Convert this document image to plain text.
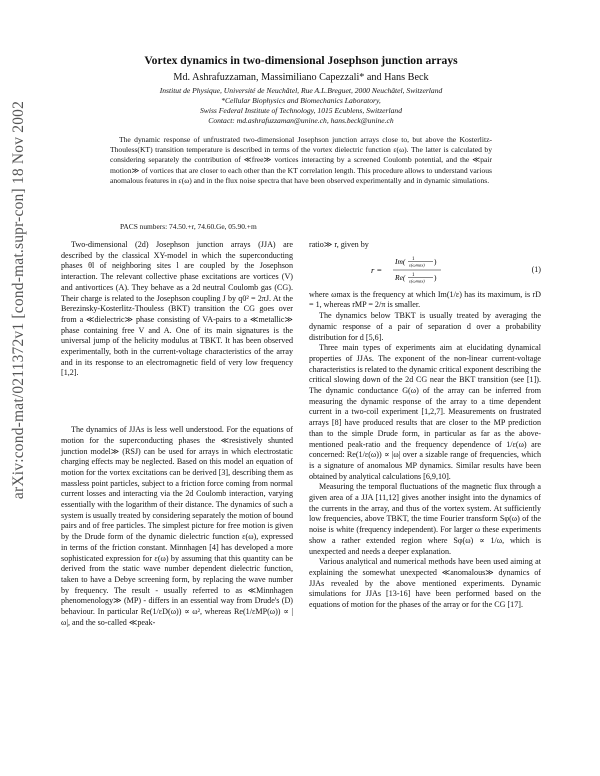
arXiv:cond-mat/0211372v1 [cond-mat.supr-con] 18 Nov 2002
Vortex dynamics in two-dimensional Josephson junction arrays
Md. Ashrafuzzaman, Massimiliano Capezzali* and Hans Beck
Institut de Physique, Université de Neuchâtel, Rue A.L.Breguet, 2000 Neuchâtel, Switzerland
*Cellular Biophysics and Biomechanics Laboratory,
Swiss Federal Institute of Technology, 1015 Ecublens, Switzerland
Contact: md.ashrafuzzaman@unine.ch, hans.beck@unine.ch
The dynamic response of unfrustrated two-dimensional Josephson junction arrays close to, but above the Kosterlitz-Thouless(KT) transition temperature is described in terms of the vortex dielectric function ε(ω). The latter is calculated by considering separately the contribution of ≪free≫ vortices interacting by a screened Coulomb potential, and the ≪pair motion≫ of vortices that are closer to each other than the KT correlation length. This procedure allows to understand various anomalous features in ε(ω) and in the flux noise spectra that have been observed experimentally and in dynamic simulations.
PACS numbers: 74.50.+r, 74.60.Ge, 05.90.+m

Two-dimensional (2d) Josephson junction arrays (JJA) are described by the classical XY-model in which the superconducting phases θl of neighboring sites l are coupled by the Josephson interaction. The relevant collective phase excitations are vortices (V) and antivortices (A). They behave as a 2d neutral Coulomb gas (CG). Their charge is related to the Josephson coupling J by q0² = 2πJ. At the Berezinsky-Kosterlitz-Thouless (BKT) transition the CG goes over from a ≪dielectric≫ phase consisting of VA-pairs to a ≪metallic≫ phase containing free V and A. One of its main signatures is the universal jump of the helicity modulus at TBKT. It has been observed experimentally, both in the current-voltage characteristics of the array and in its response to an electromagnetic field of very low frequency [1,2].

The dynamics of JJAs is less well understood. For the equations of motion for the superconducting phases the ≪resistively shunted junction model≫ (RSJ) can be used for arrays in which electrostatic charging effects may be neglected. Based on this model an equation of motion for the vortex excitations can be derived [3], describing them as massless point particles, subject to a friction force coming from normal current losses and interacting via the 2d Coulomb interaction, varying essentially with the logarithm of their distance. The dynamics of such a system is usually treated by considering separately the motion of bound pairs and of free particles. The simplest picture for free motion is given by the Drude form of the dynamic dielectric function ε(ω), expressed in terms of the friction constant. Minnhagen [4] has developed a more sophisticated expression for ε(ω) by assuming that this quantity can be derived from the static wave number dependent dielectric function, taken to have a Debye screening form, by replacing the wave number by frequency. The result - usually referred to as ≪Minnhagen phenomenology≫ (MP) - differs in an essential way from Drude's (D) behaviour. In particular Re(1/εD(ω)) ∝ ω², whereas Re(1/εMP(ω)) ∝ |ω|, and the so-called ≪peak-

ratio≫ r, given by

r =
Im( 1
ε(ωmax) )
Re( 1
ε(ωmax) )
(1)

where ωmax is the frequency at which Im(1/ε) has its maximum, is rD = 1, whereas rMP = 2/π is smaller.

The dynamics below TBKT is usually treated by averaging the dynamic response of a pair of separation d over a probability distribution for d [5,6].

Three main types of experiments aim at elucidating dynamical properties of JJAs. The exponent of the non-linear current-voltage characteristics is related to the dynamic critical exponent describing the critical slowing down of the 2d CG near the BKT transition (see [1]). The dynamic conductance G(ω) of the array can be inferred from measuring the dynamic response of the array to a time dependent current in a two-coil experiment [1,2,7]. Measurements on frustrated arrays [8] have produced results that are closer to the MP prediction than to the simple Drude form, in particular as far as the above-mentioned peak-ratio and the frequency dependence of 1/ε(ω) are concerned: Re(1/ε(ω)) ∝ |ω| over a sizable range of frequencies, which is a signature of anomalous MP dynamics. Similar results have been obtained by analytical calculations [6,9,10].

Measuring the temporal fluctuations of the magnetic flux through a given area of a JJA [11,12] gives another insight into the dynamics of the currents in the array, and thus of the vortex system. At sufficiently low frequencies, above TBKT, the time Fourier transform Sφ(ω) of the noise is white (frequency independent). For larger ω these experiments show a rather extended region where Sφ(ω) ∝ 1/ω, which is unexpected and needs a deeper explanation.

Various analytical and numerical methods have been used aiming at explaining the somewhat unexpected ≪anomalous≫ dynamics of JJAs revealed by the above mentioned experiments. Dynamic simulations for JJAs [13-16] have been performed based on the equations of motion for the phases of the array or for the CG [17].
